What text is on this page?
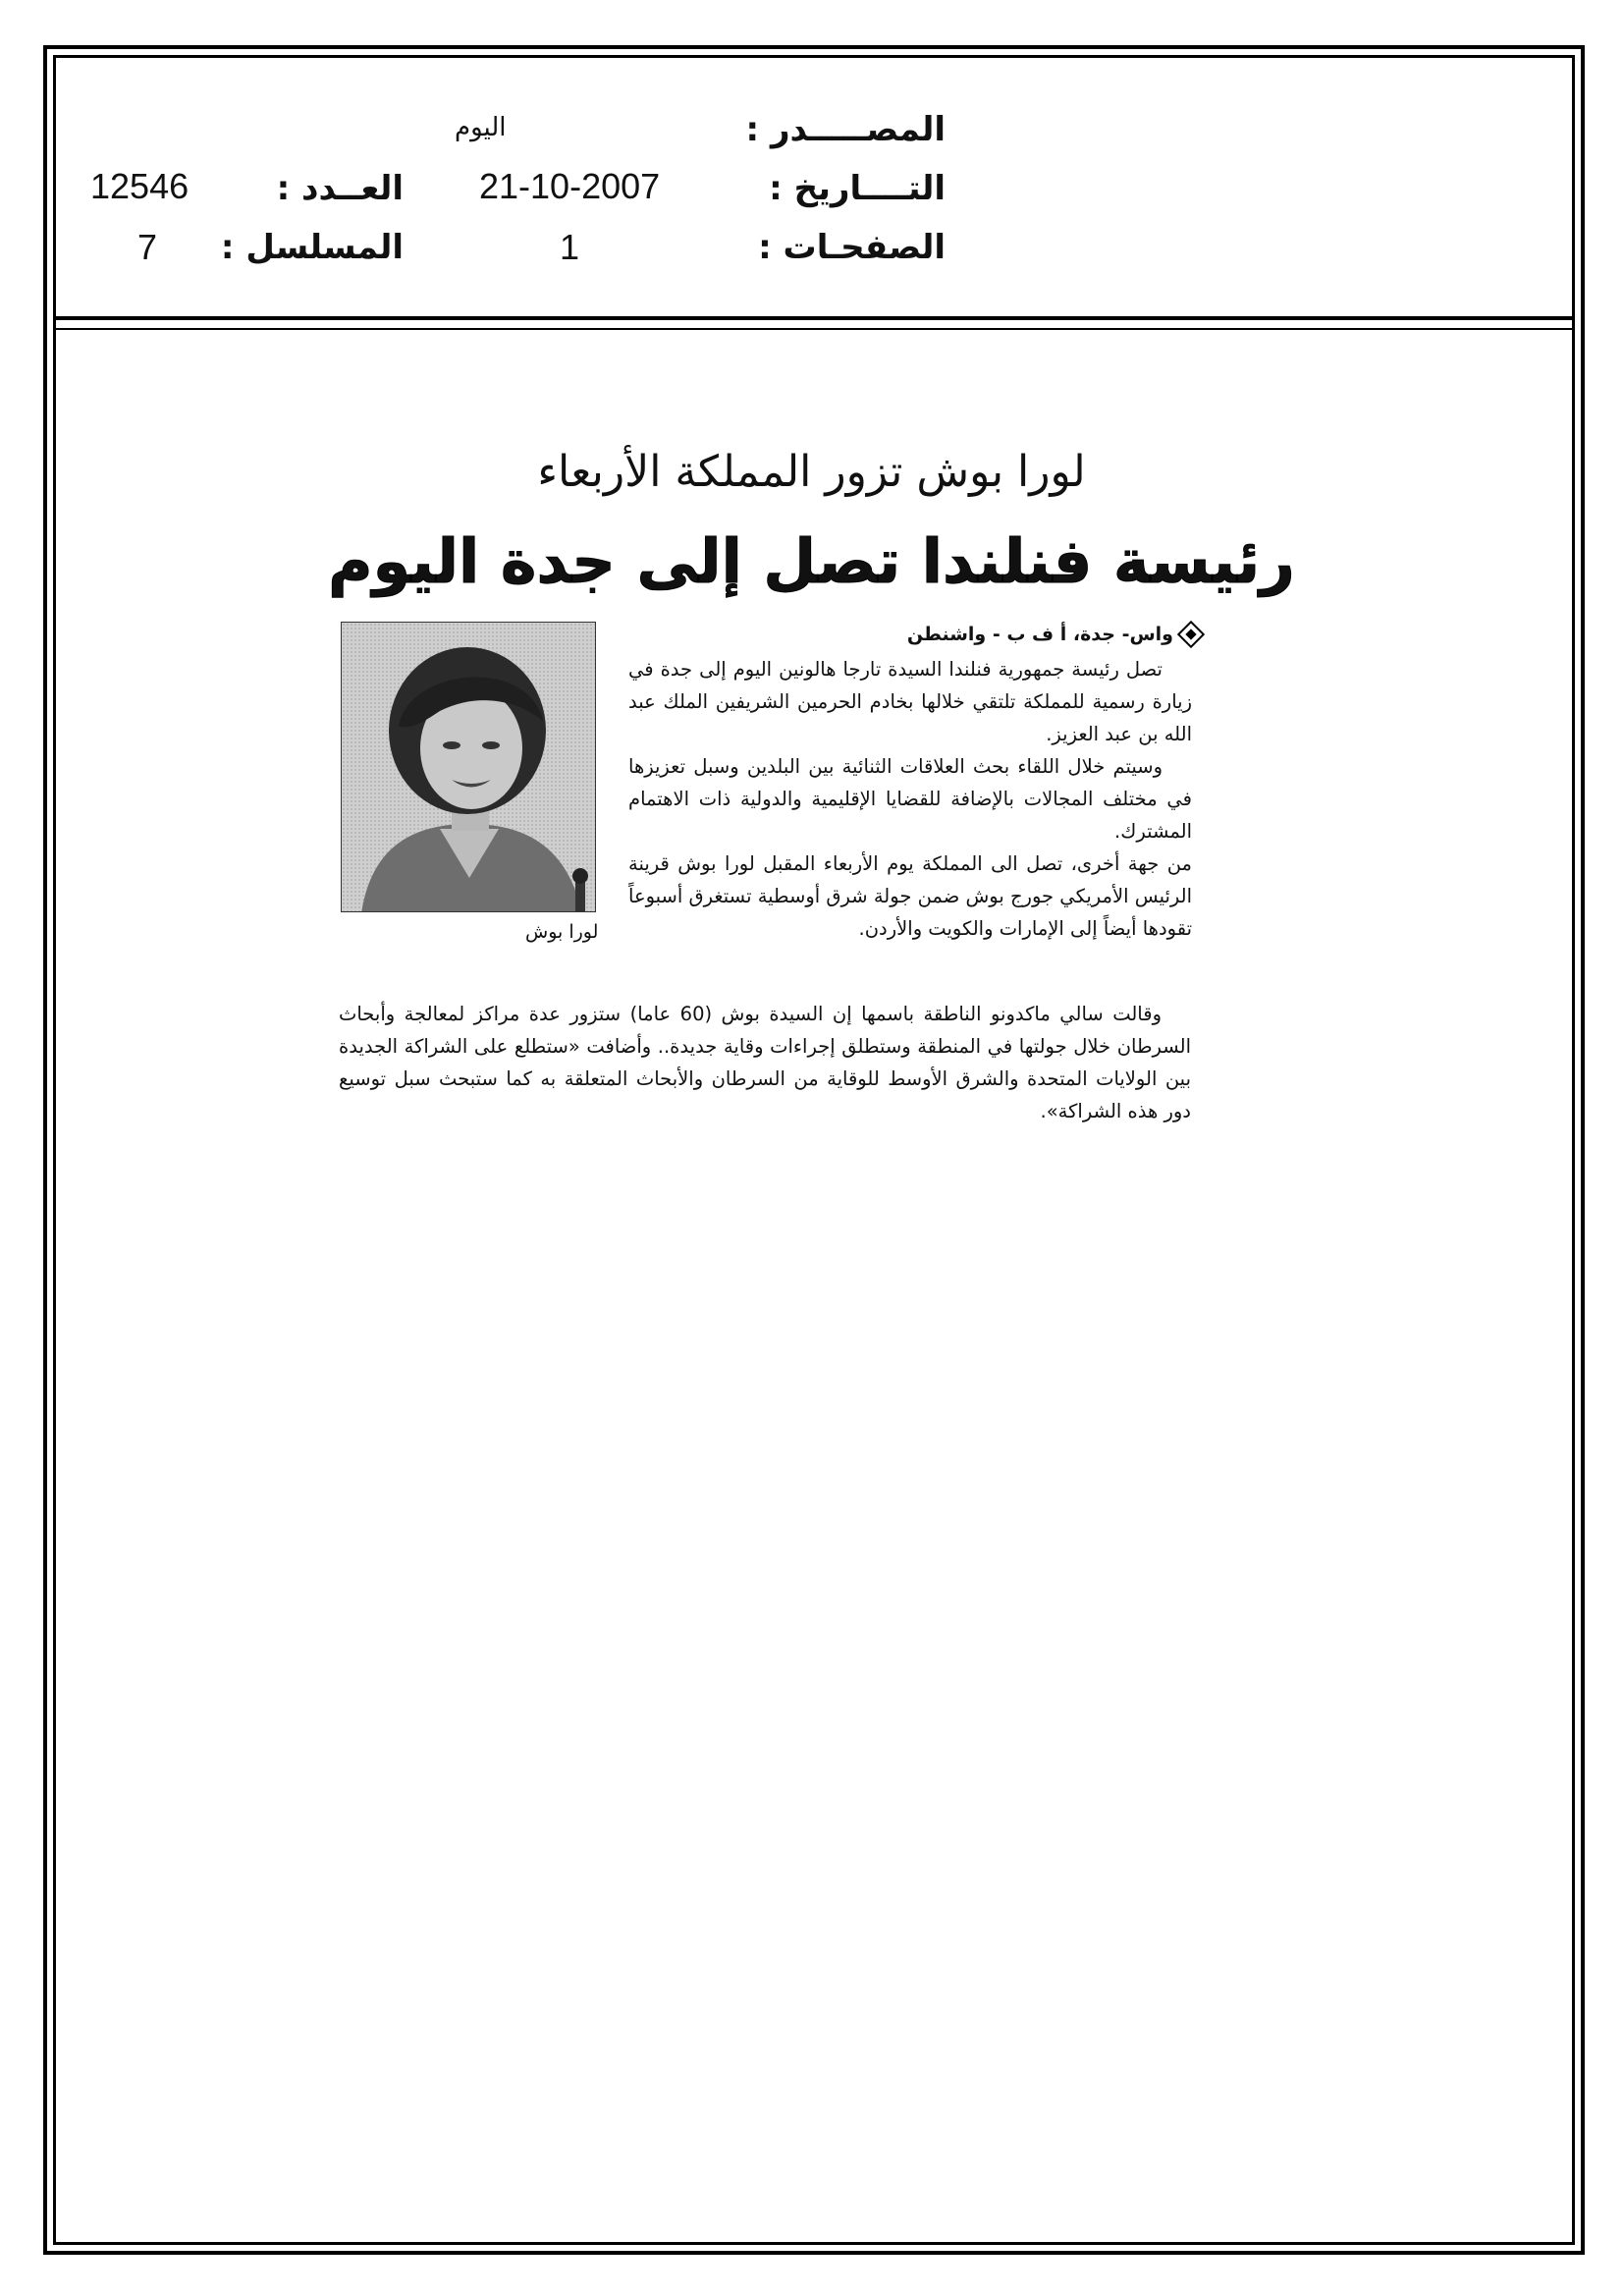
المصـــــدر :
اليوم
التــــاريخ :
21-10-2007
الصفحـات :
1
العــدد :
12546
المسلسل :
7
لورا بوش تزور المملكة الأربعاء
رئيسة فنلندا تصل إلى جدة اليوم
واس- جدة، أ ف ب - واشنطن
لورا بوش

تصل رئيسة جمهورية فنلندا السيدة تارجا هالونين اليوم إلى جدة في زيارة رسمية للمملكة تلتقي خلالها بخادم الحرمين الشريفين الملك عبد الله بن عبد العزيز.

وسيتم خلال اللقاء بحث العلاقات الثنائية بين البلدين وسبل تعزيزها في مختلف المجالات بالإضافة للقضايا الإقليمية والدولية ذات الاهتمام المشترك.

من جهة أخرى، تصل الى المملكة يوم الأربعاء المقبل لورا بوش قرينة الرئيس الأمريكي جورج بوش ضمن جولة شرق أوسطية تستغرق أسبوعاً تقودها أيضاً إلى الإمارات والكويت والأردن.

وقالت سالي ماكدونو الناطقة باسمها إن السيدة بوش (60 عاما) ستزور عدة مراكز لمعالجة وأبحاث السرطان خلال جولتها في المنطقة وستطلق إجراءات وقاية جديدة.. وأضافت «ستطلع على الشراكة الجديدة بين الولايات المتحدة والشرق الأوسط للوقاية من السرطان والأبحاث المتعلقة به كما ستبحث سبل توسيع دور هذه الشراكة».
